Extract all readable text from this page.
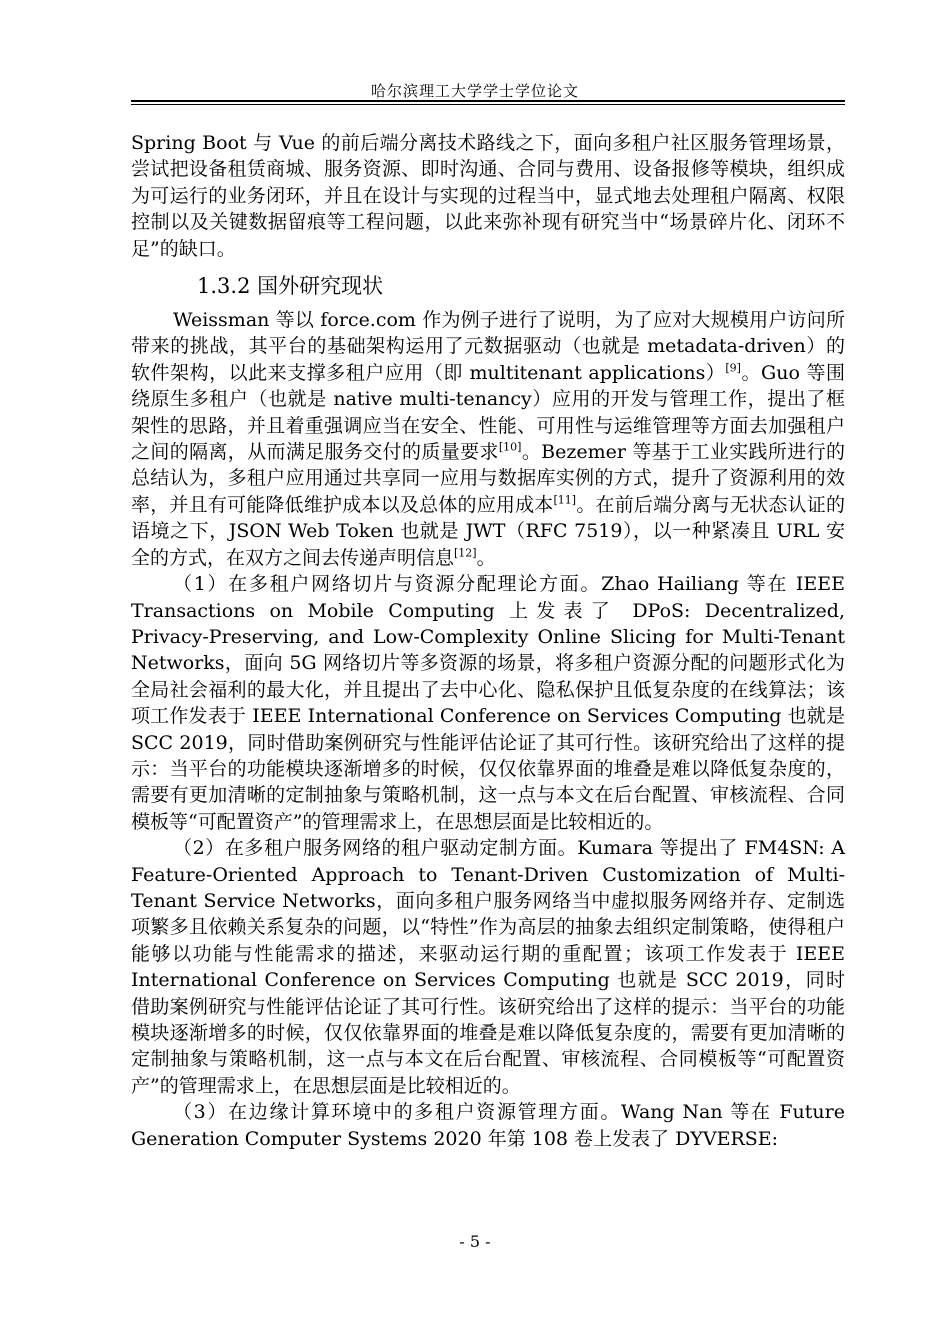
哈尔滨理工大学学士学位论文

Spring Boot 与 Vue 的前后端分离技术路线之下，面向多租户社区服务管理场景，尝试把设备租赁商城、服务资源、即时沟通、合同与费用、设备报修等模块，组织成为可运行的业务闭环，并且在设计与实现的过程当中，显式地去处理租户隔离、权限控制以及关键数据留痕等工程问题，以此来弥补现有研究当中“场景碎片化、闭环不足”的缺口。

1.3.2 国外研究现状

Weissman 等以 force.com 作为例子进行了说明，为了应对大规模用户访问所带来的挑战，其平台的基础架构运用了元数据驱动（也就是 metadata-driven）的软件架构，以此来支撑多租户应用（即 multitenant applications）[9]。Guo 等围绕原生多租户（也就是 native multi-tenancy）应用的开发与管理工作，提出了框架性的思路，并且着重强调应当在安全、性能、可用性与运维管理等方面去加强租户之间的隔离，从而满足服务交付的质量要求[10]。Bezemer 等基于工业实践所进行的总结认为，多租户应用通过共享同一应用与数据库实例的方式，提升了资源利用的效率，并且有可能降低维护成本以及总体的应用成本[11]。在前后端分离与无状态认证的语境之下，JSON Web Token 也就是 JWT（RFC 7519），以一种紧凑且 URL 安全的方式，在双方之间去传递声明信息[12]。

（1）在多租户网络切片与资源分配理论方面。Zhao Hailiang 等在 IEEE Transactions on Mobile Computing 上发表了 DPoS: Decentralized, Privacy-Preserving, and Low-Complexity Online Slicing for Multi-Tenant Networks，面向 5G 网络切片等多资源的场景，将多租户资源分配的问题形式化为全局社会福利的最大化，并且提出了去中心化、隐私保护且低复杂度的在线算法；该项工作发表于 IEEE International Conference on Services Computing 也就是 SCC 2019，同时借助案例研究与性能评估论证了其可行性。该研究给出了这样的提示：当平台的功能模块逐渐增多的时候，仅仅依靠界面的堆叠是难以降低复杂度的，需要有更加清晰的定制抽象与策略机制，这一点与本文在后台配置、审核流程、合同模板等“可配置资产”的管理需求上，在思想层面是比较相近的。

（2）在多租户服务网络的租户驱动定制方面。Kumara 等提出了 FM4SN: A Feature-Oriented Approach to Tenant-Driven Customization of Multi-Tenant Service Networks，面向多租户服务网络当中虚拟服务网络并存、定制选项繁多且依赖关系复杂的问题，以“特性”作为高层的抽象去组织定制策略，使得租户能够以功能与性能需求的描述，来驱动运行期的重配置；该项工作发表于 IEEE International Conference on Services Computing 也就是 SCC 2019，同时借助案例研究与性能评估论证了其可行性。该研究给出了这样的提示：当平台的功能模块逐渐增多的时候，仅仅依靠界面的堆叠是难以降低复杂度的，需要有更加清晰的定制抽象与策略机制，这一点与本文在后台配置、审核流程、合同模板等“可配置资产”的管理需求上，在思想层面是比较相近的。

（3）在边缘计算环境中的多租户资源管理方面。Wang Nan 等在 Future Generation Computer Systems 2020 年第 108 卷上发表了 DYVERSE:

- 5 -
